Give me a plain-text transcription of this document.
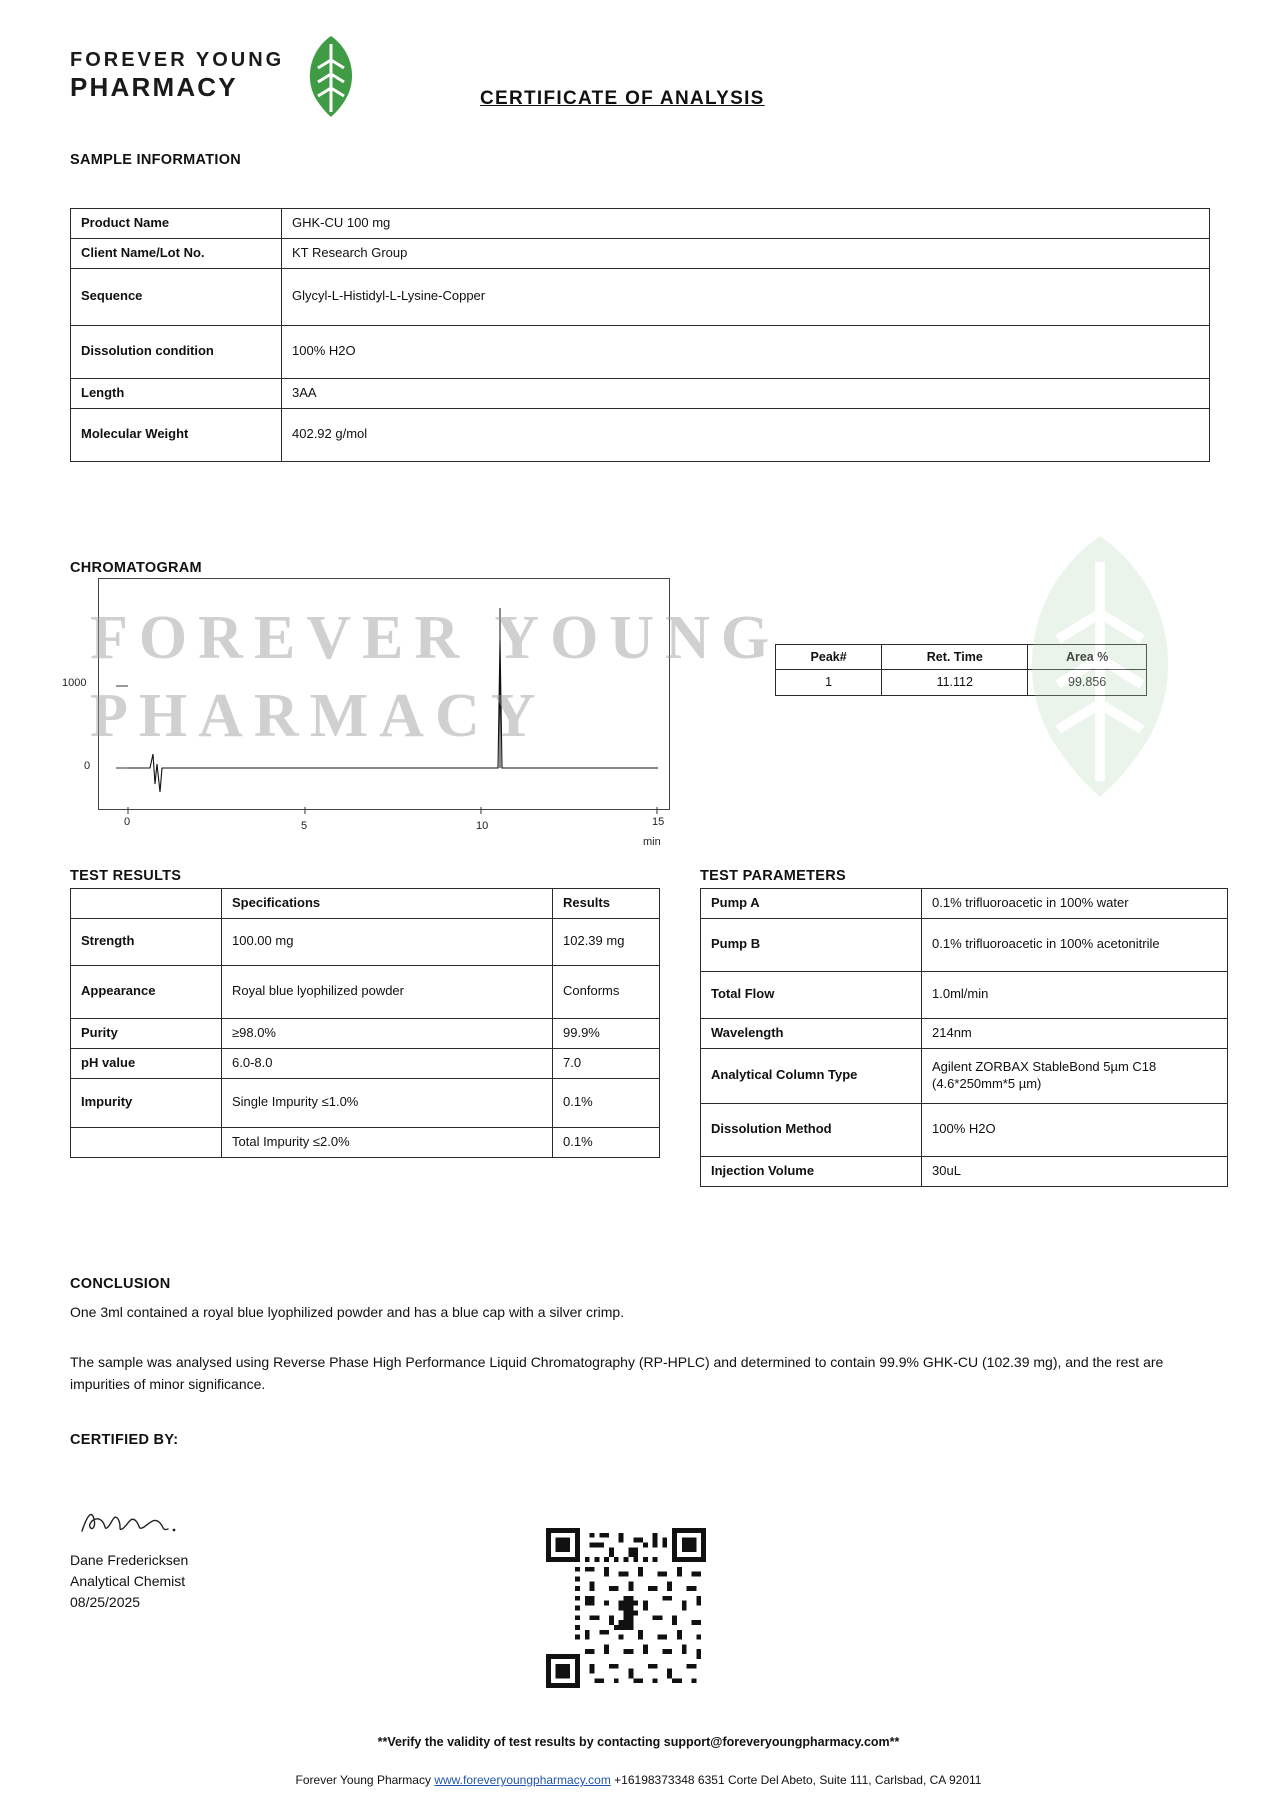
FOREVER YOUNG
PHARMACY	CERTIFICATE OF ANALYSIS
SAMPLE INFORMATION
Product Name	GHK-CU 100 mg
Client Name/Lot No.	KT Research Group
Sequence	Glycyl-L-Histidyl-L-Lysine-Copper
Dissolution condition	100% H2O
Length	3AA
Molecular Weight	402.92 g/mol
CHROMATOGRAM
1000
0
0	5	10	15
min
Peak#	Ret. Time	Area %
1	11.112	99.856
FOREVER YOUNG
PHARMACY
TEST RESULTS
	Specifications	Results
Strength	100.00 mg	102.39 mg
Appearance	Royal blue lyophilized powder	Conforms
Purity	≥98.0%	99.9%
pH value	6.0-8.0	7.0
Impurity	Single Impurity ≤1.0%	0.1%
	Total Impurity ≤2.0%	0.1%
TEST PARAMETERS
Pump A	0.1% trifluoroacetic in 100% water
Pump B	0.1% trifluoroacetic in 100% acetonitrile
Total Flow	1.0ml/min
Wavelength	214nm
Analytical Column Type	Agilent ZORBAX StableBond 5µm C18 (4.6*250mm*5 µm)
Dissolution Method	100% H2O
Injection Volume	30uL
CONCLUSION
One 3ml contained a royal blue lyophilized powder and has a blue cap with a silver crimp.
The sample was analysed using Reverse Phase High Performance Liquid Chromatography (RP-HPLC) and determined to contain 99.9% GHK-CU (102.39 mg), and the rest are impurities of minor significance.
CERTIFIED BY:
Dane Fredericksen
Analytical Chemist
08/25/2025
**Verify the validity of test results by contacting support@foreveryoungpharmacy.com**
Forever Young Pharmacy www.foreveryoungpharmacy.com +16198373348 6351 Corte Del Abeto, Suite 111, Carlsbad, CA 92011
